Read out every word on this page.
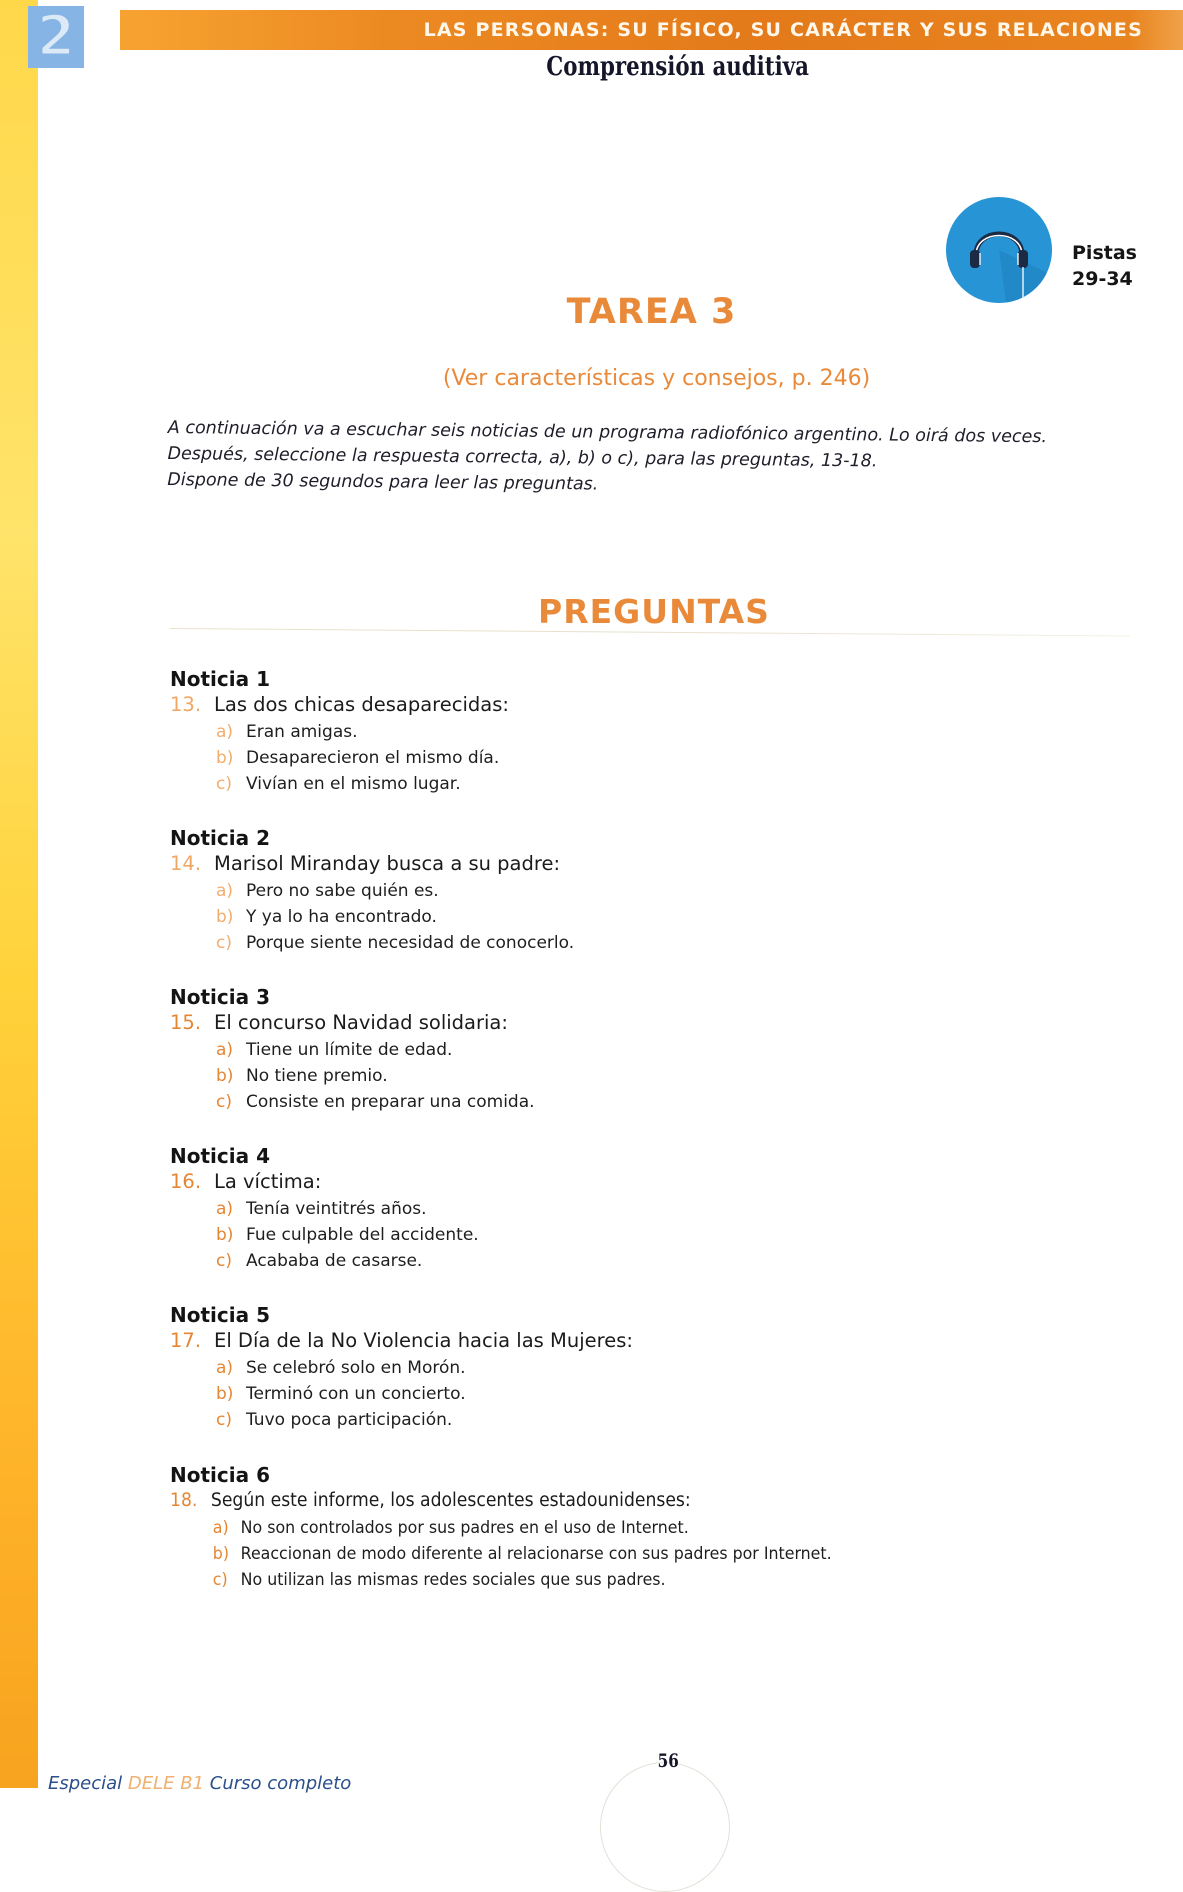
2	LAS PERSONAS: SU FÍSICO, SU CARÁCTER Y SUS RELACIONES
Comprensión auditiva
Pistas
29-34
TAREA 3
(Ver características y consejos, p. 246)

A continuación va a escuchar seis noticias de un programa radiofónico argentino. Lo oirá dos veces.

Después, seleccione la respuesta correcta, a), b) o c), para las preguntas, 13-18.

Dispone de 30 segundos para leer las preguntas.

PREGUNTAS
Noticia 1
13. Las dos chicas desaparecidas:
a) Eran amigas.
b) Desaparecieron el mismo día.
c) Vivían en el mismo lugar.
Noticia 2
14. Marisol Miranday busca a su padre:
a) Pero no sabe quién es.
b) Y ya lo ha encontrado.
c) Porque siente necesidad de conocerlo.
Noticia 3
15. El concurso Navidad solidaria:
a) Tiene un límite de edad.
b) No tiene premio.
c) Consiste en preparar una comida.
Noticia 4
16. La víctima:
a) Tenía veintitrés años.
b) Fue culpable del accidente.
c) Acababa de casarse.
Noticia 5
17. El Día de la No Violencia hacia las Mujeres:
a) Se celebró solo en Morón.
b) Terminó con un concierto.
c) Tuvo poca participación.
Noticia 6
18. Según este informe, los adolescentes estadounidenses:
a) No son controlados por sus padres en el uso de Internet.
b) Reaccionan de modo diferente al relacionarse con sus padres por Internet.
c) No utilizan las mismas redes sociales que sus padres.
56
Especial DELE B1 Curso completo
